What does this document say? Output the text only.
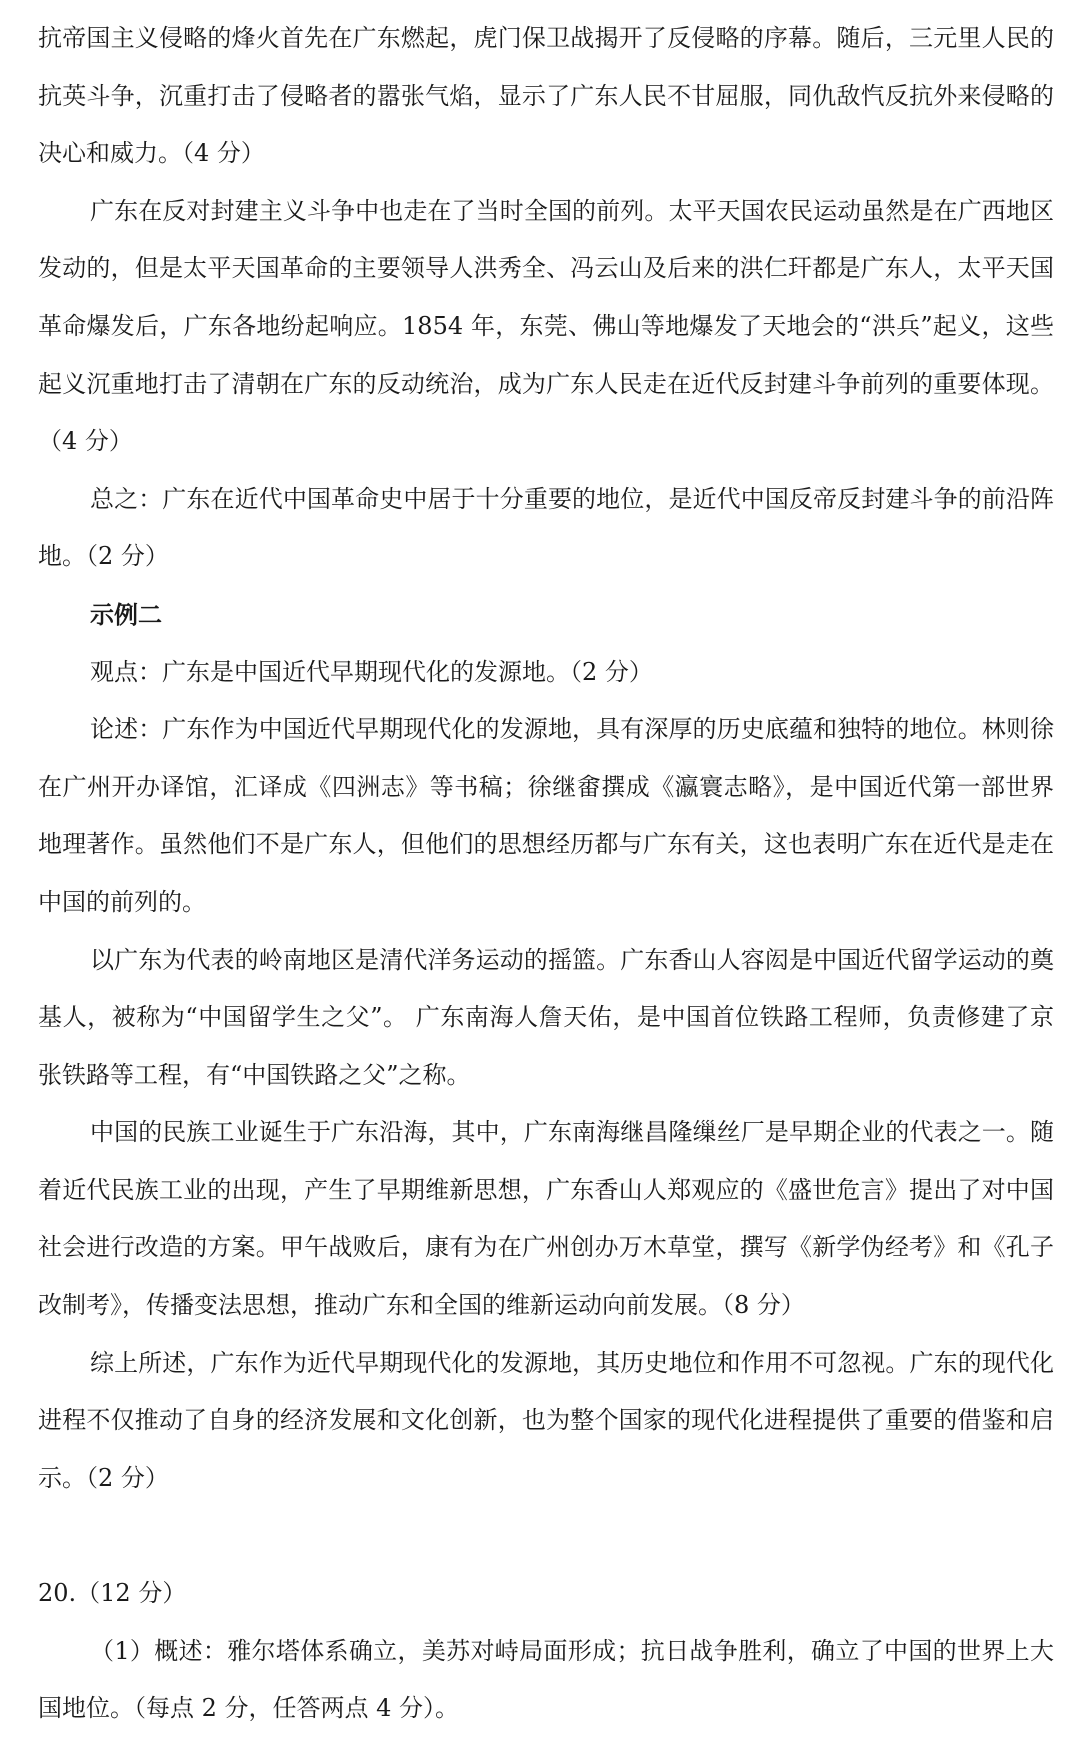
抗帝国主义侵略的烽火首先在广东燃起，虎门保卫战揭开了反侵略的序幕。随后，三元里人民的抗英斗争，沉重打击了侵略者的嚣张气焰，显示了广东人民不甘屈服，同仇敌忾反抗外来侵略的决心和威力。（4 分）

广东在反对封建主义斗争中也走在了当时全国的前列。太平天国农民运动虽然是在广西地区发动的，但是太平天国革命的主要领导人洪秀全、冯云山及后来的洪仁玕都是广东人，太平天国革命爆发后，广东各地纷起响应。1854 年，东莞、佛山等地爆发了天地会的“洪兵”起义，这些起义沉重地打击了清朝在广东的反动统治，成为广东人民走在近代反封建斗争前列的重要体现。（4 分）

总之：广东在近代中国革命史中居于十分重要的地位，是近代中国反帝反封建斗争的前沿阵地。（2 分）

示例二

观点：广东是中国近代早期现代化的发源地。（2 分）

论述：广东作为中国近代早期现代化的发源地，具有深厚的历史底蕴和独特的地位。林则徐在广州开办译馆，汇译成《四洲志》等书稿；徐继畬撰成《瀛寰志略》，是中国近代第一部世界地理著作。虽然他们不是广东人，但他们的思想经历都与广东有关，这也表明广东在近代是走在中国的前列的。

以广东为代表的岭南地区是清代洋务运动的摇篮。广东香山人容闳是中国近代留学运动的奠基人，被称为“中国留学生之父”。 广东南海人詹天佑，是中国首位铁路工程师，负责修建了京张铁路等工程，有“中国铁路之父”之称。

中国的民族工业诞生于广东沿海，其中，广东南海继昌隆缫丝厂是早期企业的代表之一。随着近代民族工业的出现，产生了早期维新思想，广东香山人郑观应的《盛世危言》提出了对中国社会进行改造的方案。甲午战败后，康有为在广州创办万木草堂，撰写《新学伪经考》和《孔子改制考》，传播变法思想，推动广东和全国的维新运动向前发展。（8 分）

综上所述，广东作为近代早期现代化的发源地，其历史地位和作用不可忽视。广东的现代化进程不仅推动了自身的经济发展和文化创新，也为整个国家的现代化进程提供了重要的借鉴和启示。（2 分）

20.（12 分）

（1）概述：雅尔塔体系确立，美苏对峙局面形成；抗日战争胜利，确立了中国的世界上大国地位。（每点 2 分，任答两点 4 分）。
